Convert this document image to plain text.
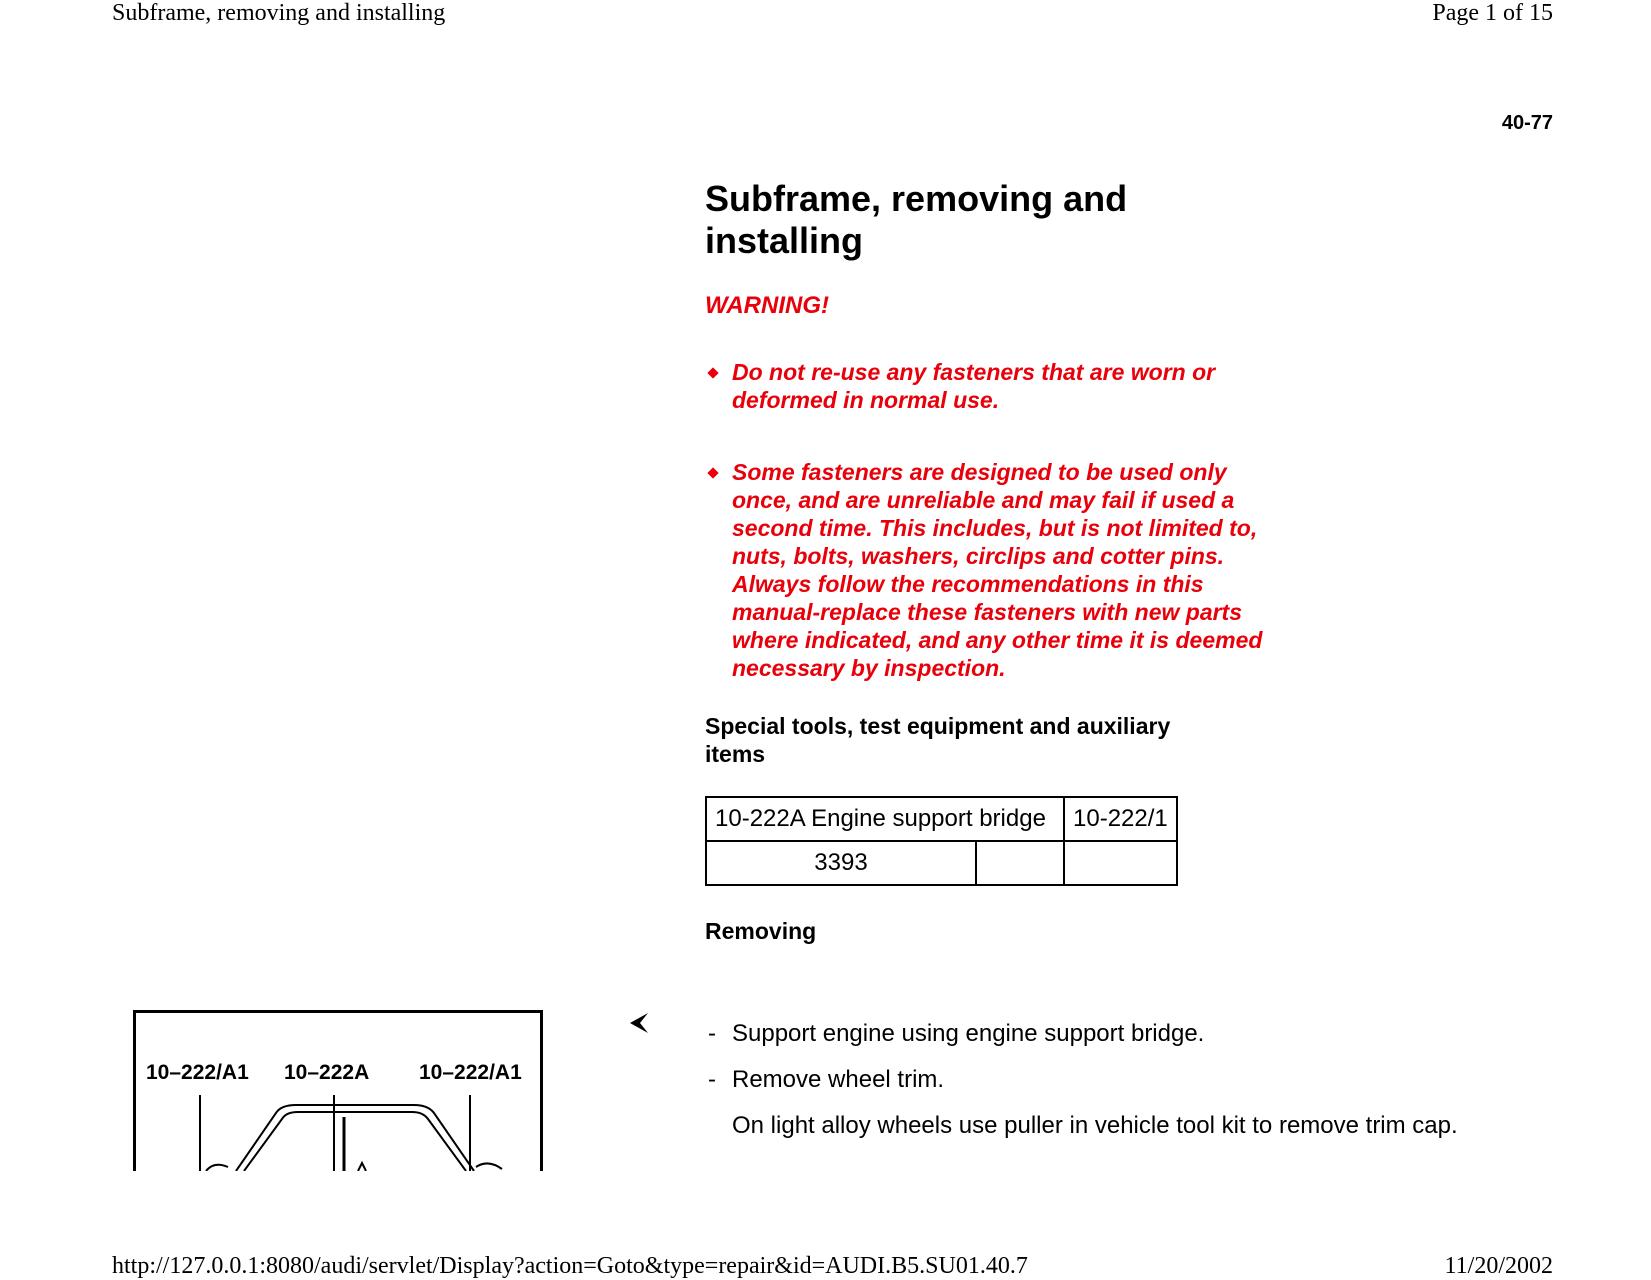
Subframe, removing and installing	Page 1 of 15
40-77
Subframe, removing and installing
WARNING!
Do not re-use any fasteners that are worn or deformed in normal use.
Some fasteners are designed to be used only once, and are unreliable and may fail if used a second time. This includes, but is not limited to, nuts, bolts, washers, circlips and cotter pins. Always follow the recommendations in this manual-replace these fasteners with new parts where indicated, and any other time it is deemed necessary by inspection.
Special tools, test equipment and auxiliary items
10-222A Engine support bridge		10-222/1
3393		
Removing
- Support engine using engine support bridge.
- Remove wheel trim.
On light alloy wheels use puller in vehicle tool kit to remove trim cap.
10–222/A1 10–222A 10–222/A1
http://127.0.0.1:8080/audi/servlet/Display?action=Goto&type=repair&id=AUDI.B5.SU01.40.7	11/20/2002
